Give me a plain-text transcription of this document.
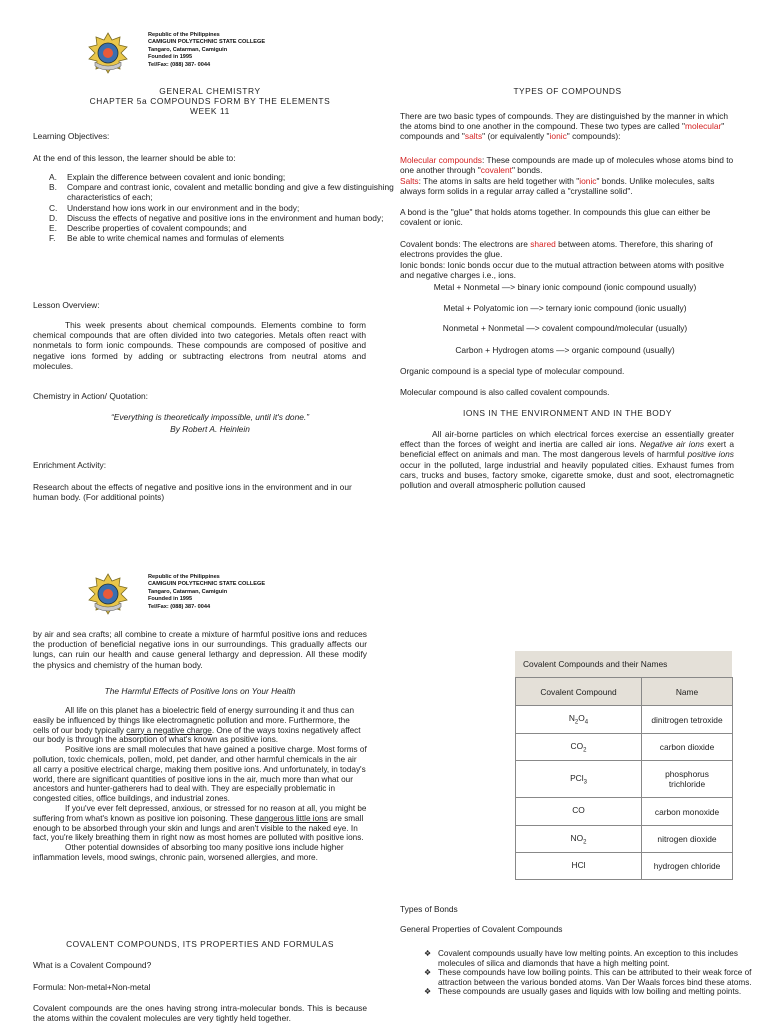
Republic of the Philippines
CAMIGUIN POLYTECHNIC STATE COLLEGE
Tangaro, Catarman, Camiguin
Founded in 1995
Tel/Fax: (088) 387- 0044
Republic of the Philippines
CAMIGUIN POLYTECHNIC STATE COLLEGE
Tangaro, Catarman, Camiguin
Founded in 1995
Tel/Fax: (088) 387- 0044
GENERAL CHEMISTRY
CHAPTER 5a COMPOUNDS FORM BY THE ELEMENTS
WEEK 11
Learning Objectives:
At the end of this lesson, the learner should be able to:
A. Explain the difference between covalent and ionic bonding;
B. Compare and contrast ionic, covalent and metallic bonding and give a few distinguishing characteristics of each;
C. Understand how ions work in our environment and in the body;
D. Discuss the effects of negative and positive ions in the environment and human body;
E. Describe properties of covalent compounds; and
F. Be able to write chemical names and formulas of elements
Lesson Overview:
This week presents about chemical compounds. Elements combine to form chemical compounds that are often divided into two categories. Metals often react with nonmetals to form ionic compounds. These compounds are composed of positive and negative ions formed by adding or subtracting electrons from neutral atoms and molecules.
Chemistry in Action/ Quotation:
“Everything is theoretically impossible, until it's done.”
By Robert A. Heinlein
Enrichment Activity:
Research about the effects of negative and positive ions in the environment and in our human body. (For additional points)
TYPES OF COMPOUNDS
There are two basic types of compounds. They are distinguished by the manner in which the atoms bind to one another in the compound. These two types are called "molecular" compounds and "salts" (or equivalently "ionic" compounds):
Molecular compounds: These compounds are made up of molecules whose atoms bind to one another through "covalent" bonds.
Salts: The atoms in salts are held together with "ionic" bonds. Unlike molecules, salts always form solids in a regular array called a "crystalline solid".
A bond is the "glue" that holds atoms together. In compounds this glue can either be covalent or ionic.
Covalent bonds: The electrons are shared between atoms. Therefore, this sharing of electrons provides the glue.
Ionic bonds: Ionic bonds occur due to the mutual attraction between atoms with positive and negative charges i.e., ions.
Metal + Nonmetal —> binary ionic compound (ionic compound usually)
Metal + Polyatomic ion —> ternary ionic compound (ionic usually)
Nonmetal + Nonmetal —> covalent compound/molecular (usually)
Carbon + Hydrogen atoms —> organic compound (usually)
Organic compound is a special type of molecular compound.
Molecular compound is also called covalent compounds.
IONS IN THE ENVIRONMENT AND IN THE BODY
All air-borne particles on which electrical forces exercise an essentially greater effect than the forces of weight and inertia are called air ions. Negative air ions exert a beneficial effect on animals and man. The most dangerous levels of harmful positive ions occur in the polluted, large industrial and heavily populated cities. Exhaust fumes from cars, trucks and buses, factory smoke, cigarette smoke, dust and soot, electromagnetic pollution and overall atmospheric pollution caused
by air and sea crafts; all combine to create a mixture of harmful positive ions and reduces the production of beneficial negative ions in our surroundings. This gradually affects our lungs, can ruin our health and cause general lethargy and depression. All these modify the physics and chemistry of the human body.
The Harmful Effects of Positive Ions on Your Health
All life on this planet has a bioelectric field of energy surrounding it and thus can easily be influenced by things like electromagnetic pollution and more. Furthermore, the cells of our body typically carry a negative charge. One of the ways toxins negatively affect our body is through the absorption of what's known as positive ions.
Positive ions are small molecules that have gained a positive charge. Most forms of pollution, toxic chemicals, pollen, mold, pet dander, and other harmful chemicals in the air all carry a positive electrical charge, making them positive ions. And unfortunately, in today's world, there are significant quantities of positive ions in the air, much more than what our ancestors and hunter-gatherers had to deal with. They are especially problematic in congested cities, office buildings, and industrial zones.
If you've ever felt depressed, anxious, or stressed for no reason at all, you might be suffering from what's known as positive ion poisoning. These dangerous little ions are small enough to be absorbed through your skin and lungs and aren't visible to the naked eye. In fact, you're likely breathing them in right now as most homes are polluted with positive ions.
Other potential downsides of absorbing too many positive ions include higher inflammation levels, mood swings, chronic pain, worsened allergies, and more.
COVALENT COMPOUNDS, ITS PROPERTIES AND FORMULAS
What is a Covalent Compound?
Formula: Non-metal+Non-metal
Covalent compounds are the ones having strong intra-molecular bonds. This is because the atoms within the covalent molecules are very tightly held together.
Covalent Compounds and their Names
Covalent Compound	Name
$N_2O_4$	dinitrogen tetroxide
$CO_2$	carbon dioxide
PCl$_3$	phosphorus trichloride
CO	carbon monoxide
$NO_2$	nitrogen dioxide
HCl	hydrogen chloride
Types of Bonds
General Properties of Covalent Compounds
❖ Covalent compounds usually have low melting points. An exception to this includes molecules of silica and diamonds that have a high melting point.
❖ These compounds have low boiling points. This can be attributed to their weak force of attraction between the various bonded atoms. Van Der Waals forces bind these atoms.
❖ These compounds are usually gases and liquids with low boiling and melting points.
